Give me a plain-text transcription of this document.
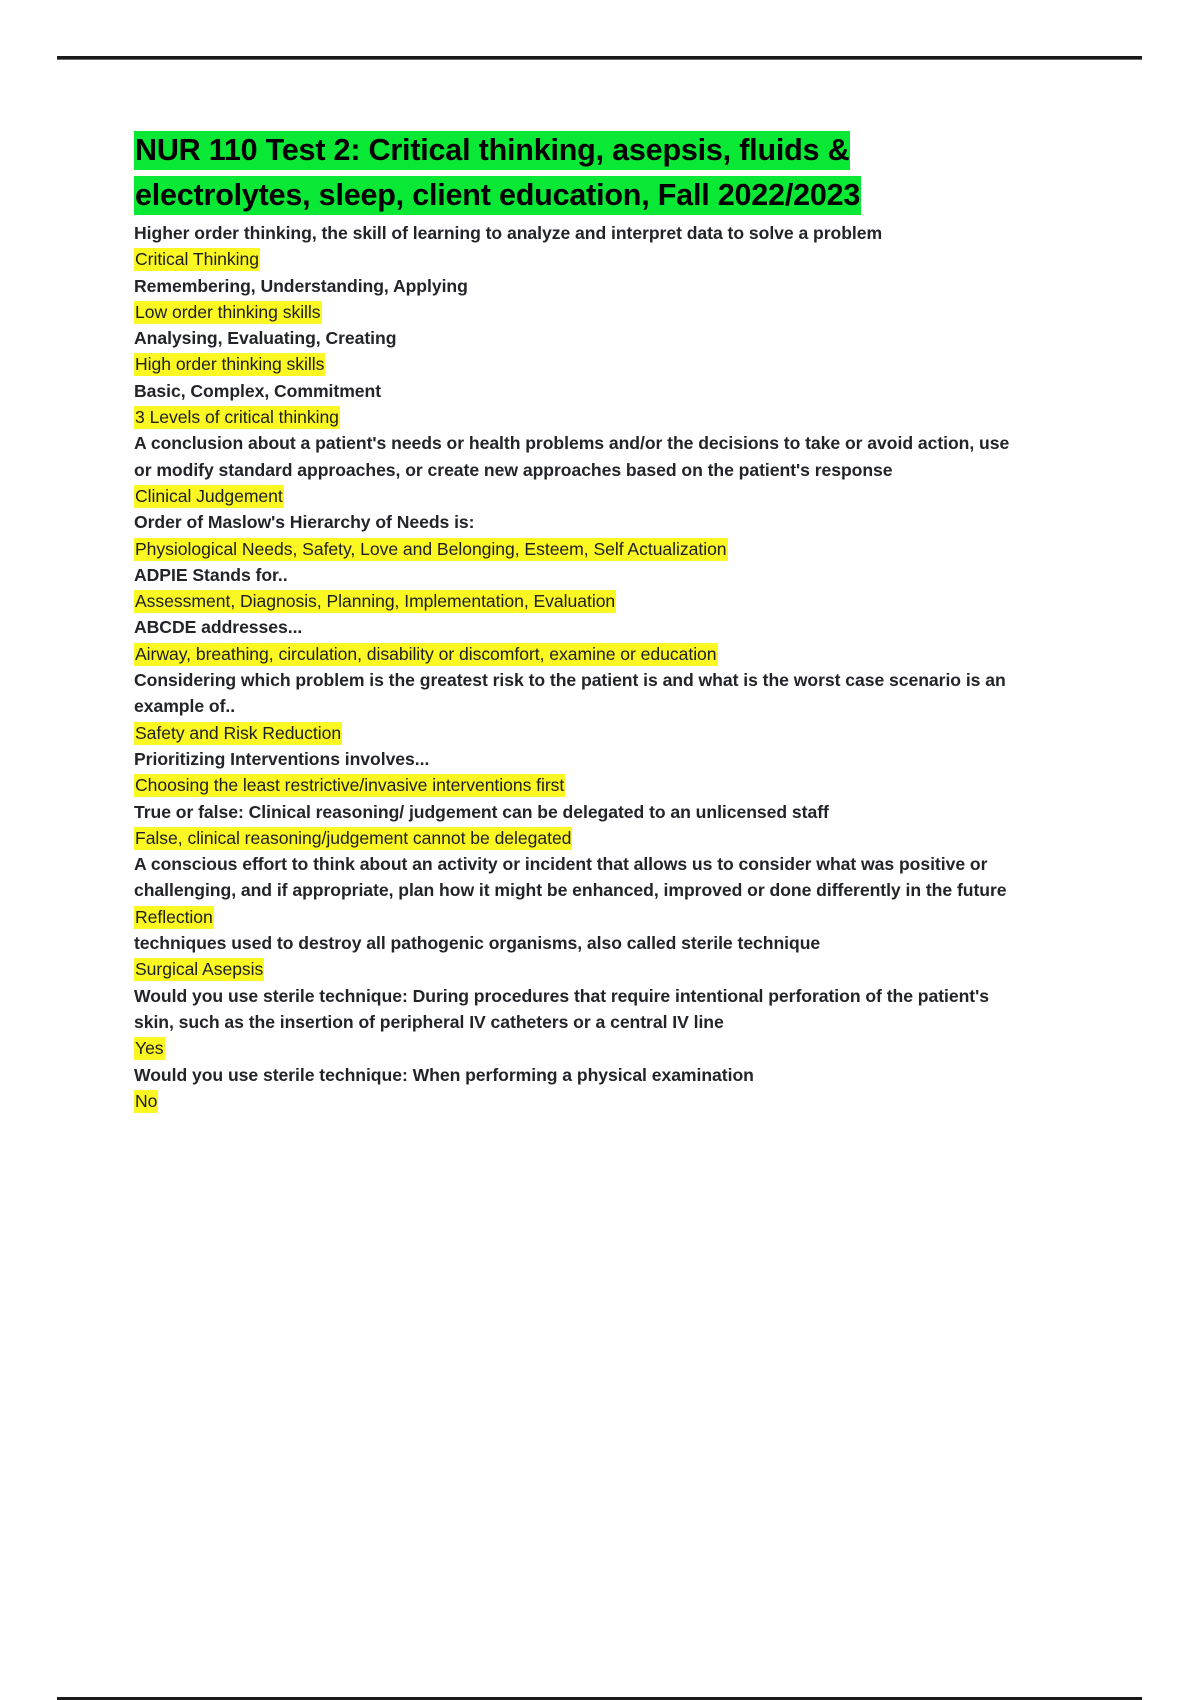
NUR 110 Test 2: Critical thinking, asepsis, fluids & electrolytes, sleep, client education, Fall 2022/2023

Higher order thinking, the skill of learning to analyze and interpret data to solve a problem

Critical Thinking

Remembering, Understanding, Applying

Low order thinking skills

Analysing, Evaluating, Creating

High order thinking skills

Basic, Complex, Commitment

3 Levels of critical thinking

A conclusion about a patient's needs or health problems and/or the decisions to take or avoid action, use or modify standard approaches, or create new approaches based on the patient's response

Clinical Judgement

Order of Maslow's Hierarchy of Needs is:

Physiological Needs, Safety, Love and Belonging, Esteem, Self Actualization

ADPIE Stands for..

Assessment, Diagnosis, Planning, Implementation, Evaluation

ABCDE addresses...

Airway, breathing, circulation, disability or discomfort, examine or education

Considering which problem is the greatest risk to the patient is and what is the worst case scenario is an example of..

Safety and Risk Reduction

Prioritizing Interventions involves...

Choosing the least restrictive/invasive interventions first

True or false: Clinical reasoning/ judgement can be delegated to an unlicensed staff

False, clinical reasoning/judgement cannot be delegated

A conscious effort to think about an activity or incident that allows us to consider what was positive or challenging, and if appropriate, plan how it might be enhanced, improved or done differently in the future

Reflection

techniques used to destroy all pathogenic organisms, also called sterile technique

Surgical Asepsis

Would you use sterile technique: During procedures that require intentional perforation of the patient's skin, such as the insertion of peripheral IV catheters or a central IV line

Yes

Would you use sterile technique: When performing a physical examination

No
